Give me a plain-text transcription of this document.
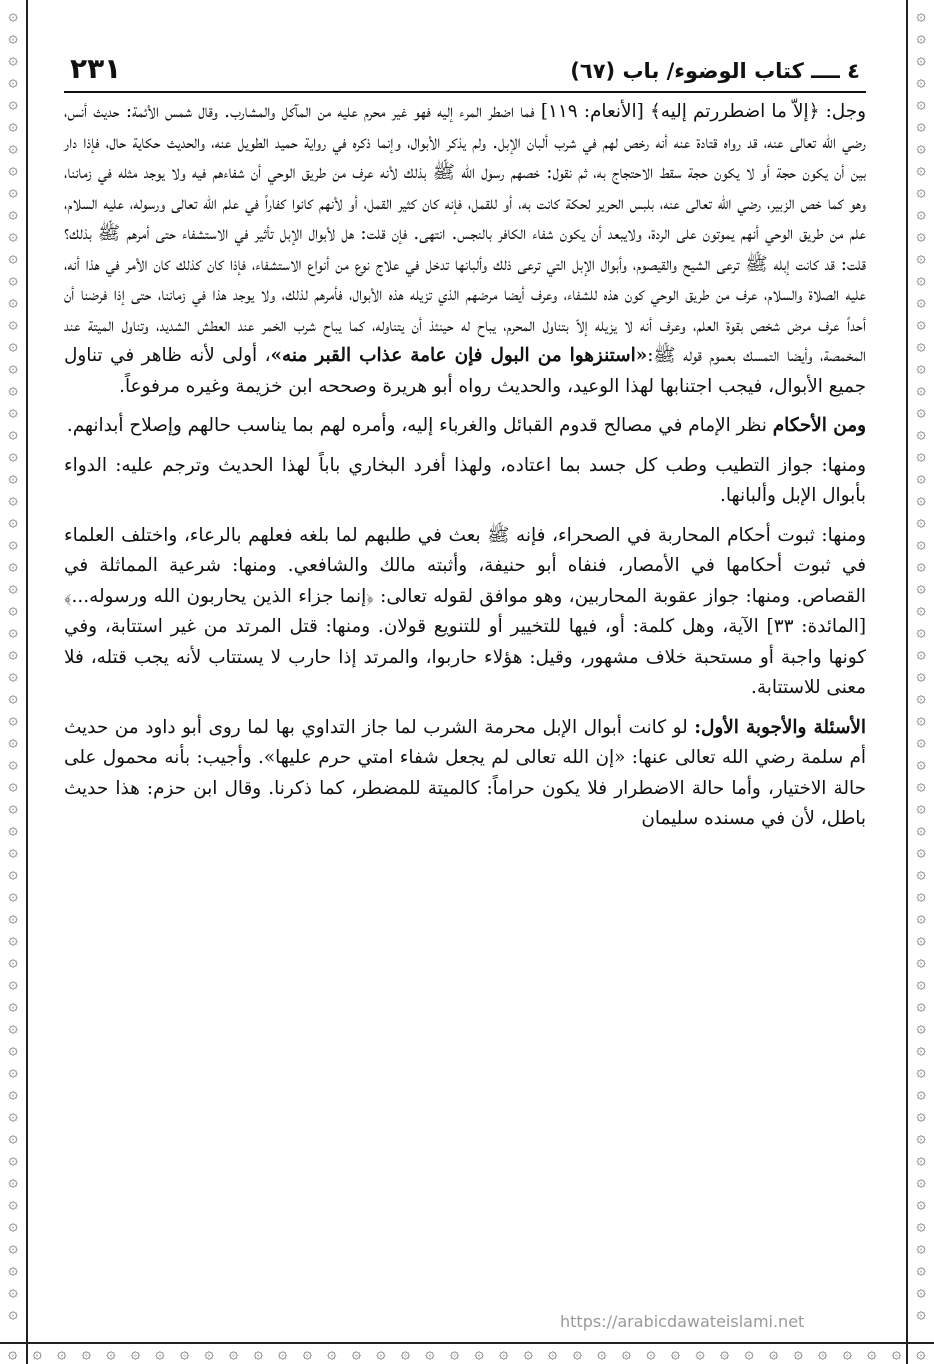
۞
۞
۞
۞
۞
۞
۞
۞
۞
۞
۞
۞
۞
۞
۞
۞
۞
۞
۞
۞
۞
۞
۞
۞
۞
۞
۞
۞
۞
۞
۞
۞
۞
۞
۞
۞
۞
۞
۞
۞
۞
۞
۞
۞
۞
۞
۞
۞
۞
۞
۞
۞
۞
۞
۞
۞
۞
۞
۞
۞
۞
۞
۞
۞
۞
۞
۞
۞
۞
۞
۞
۞
۞
۞
۞
۞
۞
۞
۞
۞
۞
۞
۞
۞
۞
۞
۞
۞
۞
۞
۞
۞
۞
۞
۞
۞
۞
۞
۞
۞
۞
۞
۞
۞
۞
۞
۞
۞
۞
۞
۞
۞
۞
۞
۞
۞
۞
۞
۞
۞
۞ ۞ ۞ ۞ ۞ ۞ ۞ ۞ ۞ ۞ ۞ ۞ ۞ ۞ ۞ ۞ ۞ ۞ ۞ ۞ ۞ ۞ ۞ ۞ ۞ ۞ ۞ ۞ ۞ ۞ ۞ ۞ ۞ ۞ ۞ ۞ ۞ ۞
٤ ــــ كتاب الوضوء/ باب (٦٧)
٢٣١

وجل: ﴿إلاّ ما اضطررتم إليه﴾ [الأنعام: ١١٩] فما اضطر المرء إليه فهو غير محرم عليه من المآكل والمشارب. وقال شمس الأئمة: حديث أنس، رضي الله تعالى عنه، قد رواه قتادة عنه أنه رخص لهم في شرب ألبان الإبل. ولم يذكر الأبوال، وإنما ذكره في رواية حميد الطويل عنه، والحديث حكاية حال، فإذا دار بين أن يكون حجة أو لا يكون حجة سقط الاحتجاج به، ثم نقول: خصهم رسول الله ﷺ بذلك لأنه عرف من طريق الوحي أن شفاءهم فيه ولا يوجد مثله في زماننا، وهو كما خص الزبير، رضي الله تعالى عنه، بلبس الحرير لحكة كانت به، أو للقمل، فإنه كان كثير القمل، أو لأنهم كانوا كفاراً في علم الله تعالى ورسوله، عليه السلام، علم من طريق الوحي أنهم يموتون على الردة، ولايبعد أن يكون شفاء الكافر بالنجس. انتهى. فإن قلت: هل لأبوال الإبل تأثير في الاستشفاء حتى أمرهم ﷺ بذلك؟ قلت: قد كانت إبله ﷺ ترعى الشيح والقيصوم، وأبوال الإبل التي ترعى ذلك وألبانها تدخل في علاج نوع من أنواع الاستشفاء، فإذا كان كذلك كان الأمر في هذا أنه، عليه الصلاة والسلام، عرف من طريق الوحي كون هذه للشفاء، وعرف أيضا مرضهم الذي تزيله هذه الأبوال، فأمرهم لذلك، ولا يوجد هذا في زماننا، حتى إذا فرضنا أن أحداً عرف مرض شخص بقوة العلم، وعرف أنه لا يزيله إلاّ بتناول المحرم، يباح له حينئذ أن يتناوله، كما يباح شرب الخمر عند العطش الشديد، وتناول الميتة عند المخمصة، وأيضا التمسك بعموم قوله ﷺ:«استنزهوا من البول فإن عامة عذاب القبر منه»، أولى لأنه ظاهر في تناول جميع الأبوال، فيجب اجتنابها لهذا الوعيد، والحديث رواه أبو هريرة وصححه ابن خزيمة وغيره مرفوعاً.

ومن الأحكام نظر الإمام في مصالح قدوم القبائل والغرباء إليه، وأمره لهم بما يناسب حالهم وإصلاح أبدانهم.

ومنها: جواز التطيب وطب كل جسد بما اعتاده، ولهذا أفرد البخاري باباً لهذا الحديث وترجم عليه: الدواء بأبوال الإبل وألبانها.

ومنها: ثبوت أحكام المحاربة في الصحراء، فإنه ﷺ بعث في طلبهم لما بلغه فعلهم بالرعاء، واختلف العلماء في ثبوت أحكامها في الأمصار، فنفاه أبو حنيفة، وأثبته مالك والشافعي. ومنها: شرعية المماثلة في القصاص. ومنها: جواز عقوبة المحاربين، وهو موافق لقوله تعالى: ﴿إنما جزاء الذين يحاربون الله ورسوله...﴾ [المائدة: ٣٣] الآية، وهل كلمة: أو، فيها للتخيير أو للتنويع قولان. ومنها: قتل المرتد من غير استتابة، وفي كونها واجبة أو مستحبة خلاف مشهور، وقيل: هؤلاء حاربوا، والمرتد إذا حارب لا يستتاب لأنه يجب قتله، فلا معنى للاستتابة.

الأسئلة والأجوبة الأول: لو كانت أبوال الإبل محرمة الشرب لما جاز التداوي بها لما روى أبو داود من حديث أم سلمة رضي الله تعالى عنها: «إن الله تعالى لم يجعل شفاء امتي حرم عليها». وأجيب: بأنه محمول على حالة الاختيار، وأما حالة الاضطرار فلا يكون حراماً: كالميتة للمضطر، كما ذكرنا. وقال ابن حزم: هذا حديث باطل، لأن في مسنده سليمان

https://arabicdawateislami.net
